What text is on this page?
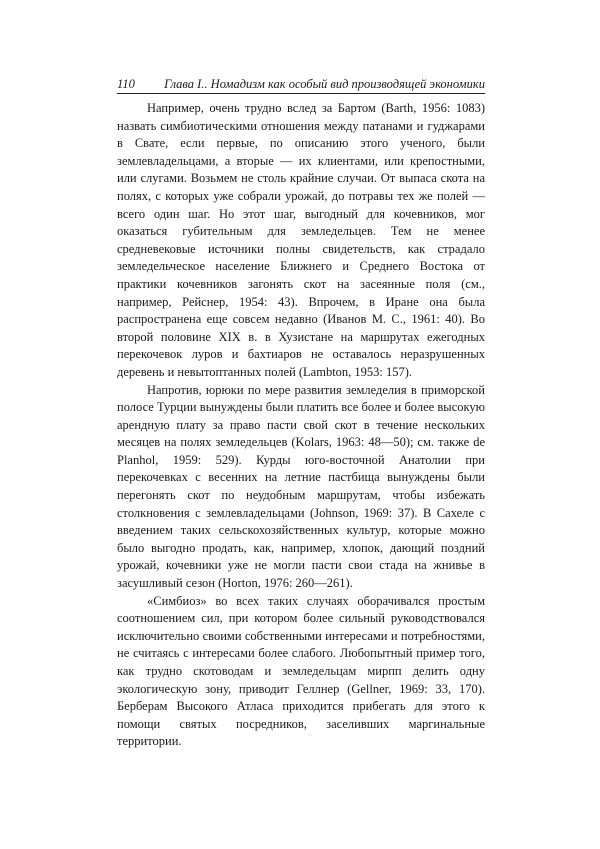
110 Глава I.. Номадизм как особый вид производящей экономики

Например, очень трудно вслед за Бартом (Barth, 1956: 1083) назвать симбиотическими отношения между патанами и гуджарами в Свате, если первые, по описанию этого ученого, были землевладельцами, а вторые — их клиентами, или крепостными, или слугами. Возьмем не столь крайние случаи. От выпаса скота на полях, с которых уже собрали урожай, до потравы тех же полей — всего один шаг. Но этот шаг, выгодный для кочевников, мог оказаться губительным для земледельцев. Тем не менее средневековые источники полны свидетельств, как страдало земледельческое население Ближнего и Среднего Востока от практики кочевников загонять скот на засеянные поля (см., например, Рейснер, 1954: 43). Впрочем, в Иране она была распространена еще совсем недавно (Иванов М. С., 1961: 40). Во второй половине XIX в. в Хузистане на маршрутах ежегодных перекочевок луров и бахтиаров не оставалось неразрушенных деревень и невытоптанных полей (Lambton, 1953: 157).

Напротив, юрюки по мере развития земледелия в приморской полосе Турции вынуждены были платить все более и более высокую арендную плату за право пасти свой скот в течение нескольких месяцев на полях земледельцев (Kolars, 1963: 48—50); см. также de Planhol, 1959: 529). Курды юго-восточной Анатолии при перекочевках с весенних на летние пастбища вынуждены были перегонять скот по неудобным маршрутам, чтобы избежать столкновения с землевладельцами (Johnson, 1969: 37). В Сахеле с введением таких сельскохозяйственных культур, которые можно было выгодно продать, как, например, хлопок, дающий поздний урожай, кочевники уже не могли пасти свои стада на жнивье в засушливый сезон (Horton, 1976: 260—261).

«Симбиоз» во всех таких случаях оборачивался простым соотношением сил, при котором более сильный руководствовался исключительно своими собственными интересами и потребностями, не считаясь с интересами более слабого. Любопытный пример того, как трудно скотоводам и земледельцам мирпп делить одну экологическую зону, приводит Геллнер (Gellner, 1969: 33, 170). Берберам Высокого Атласа приходится прибегать для этого к помощи святых посредников, заселивших маргинальные территории.
